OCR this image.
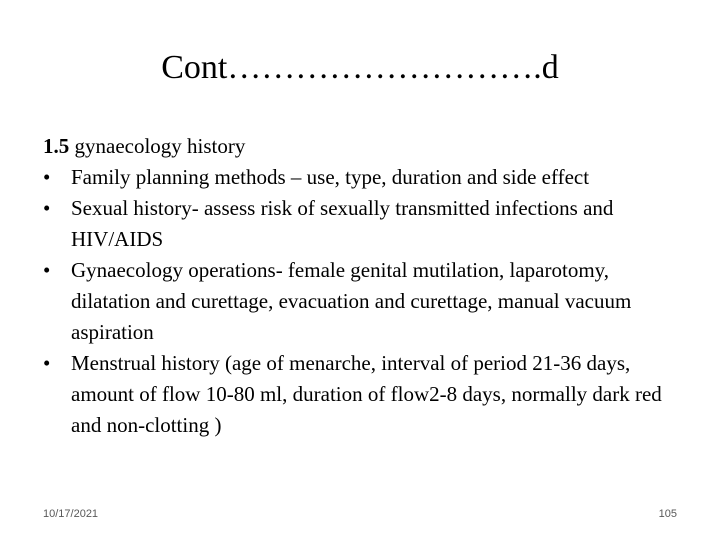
Cont……………………….d
1.5 gynaecology history
• Family planning methods – use, type, duration and side effect
• Sexual history- assess risk of sexually transmitted infections and HIV/AIDS
• Gynaecology operations- female genital mutilation, laparotomy, dilatation and curettage, evacuation and curettage, manual vacuum aspiration
• Menstrual history (age of menarche, interval of period 21-36 days, amount of flow 10-80 ml, duration of flow2-8 days, normally dark red and non-clotting )
10/17/2021	105
